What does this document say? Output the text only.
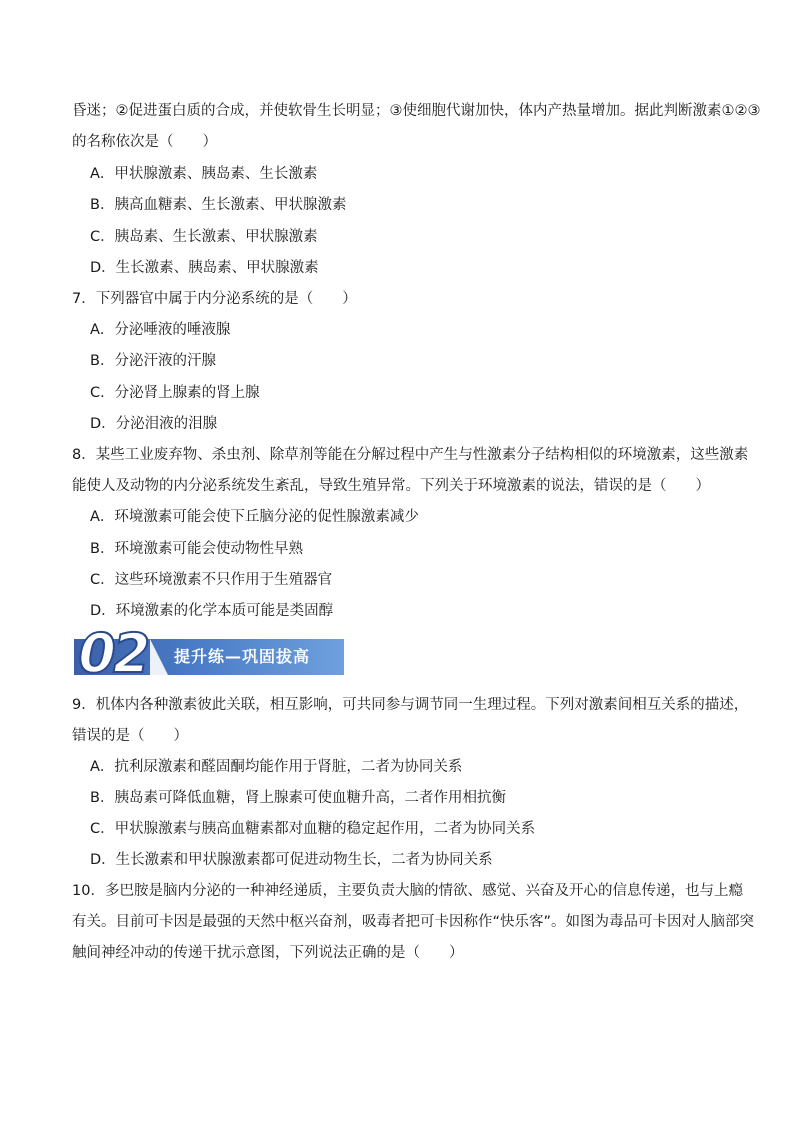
昏迷；②促进蛋白质的合成，并使软骨生长明显；③使细胞代谢加快，体内产热量增加。据此判断激素①②③
的名称依次是（　　）
A．甲状腺激素、胰岛素、生长激素
B．胰高血糖素、生长激素、甲状腺激素
C．胰岛素、生长激素、甲状腺激素
D．生长激素、胰岛素、甲状腺激素
7．下列器官中属于内分泌系统的是（　　）
A．分泌唾液的唾液腺
B．分泌汗液的汗腺
C．分泌肾上腺素的肾上腺
D．分泌泪液的泪腺
8．某些工业废弃物、杀虫剂、除草剂等能在分解过程中产生与性激素分子结构相似的环境激素，这些激素
能使人及动物的内分泌系统发生紊乱，导致生殖异常。下列关于环境激素的说法，错误的是（　　）
A．环境激素可能会使下丘脑分泌的促性腺激素减少
B．环境激素可能会使动物性早熟
C．这些环境激素不只作用于生殖器官
D．环境激素的化学本质可能是类固醇
02 提升练—巩固拔高
9．机体内各种激素彼此关联，相互影响，可共同参与调节同一生理过程。下列对激素间相互关系的描述，
错误的是（　　）
A．抗利尿激素和醛固酮均能作用于肾脏，二者为协同关系
B．胰岛素可降低血糖，肾上腺素可使血糖升高，二者作用相抗衡
C．甲状腺激素与胰高血糖素都对血糖的稳定起作用，二者为协同关系
D．生长激素和甲状腺激素都可促进动物生长，二者为协同关系
10．多巴胺是脑内分泌的一种神经递质，主要负责大脑的情欲、感觉、兴奋及开心的信息传递，也与上瘾
有关。目前可卡因是最强的天然中枢兴奋剂，吸毒者把可卡因称作“快乐客”。如图为毒品可卡因对人脑部突
触间神经冲动的传递干扰示意图，下列说法正确的是（　　）
